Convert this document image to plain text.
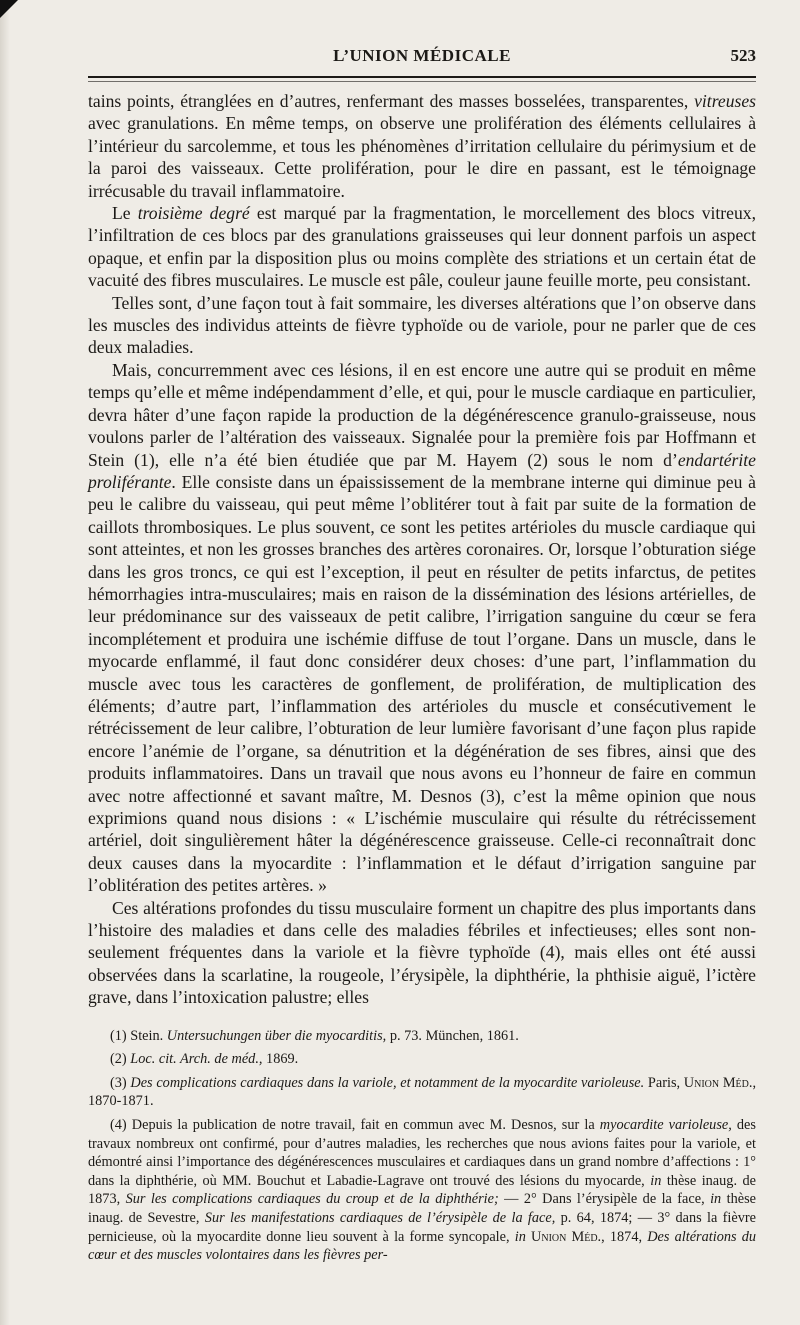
L’UNION MÉDICALE	523

tains points, étranglées en d’autres, renfermant des masses bosselées, transparentes, vitreuses avec granulations. En même temps, on observe une prolifération des éléments cellulaires à l’intérieur du sarcolemme, et tous les phénomènes d’irritation cellulaire du périmysium et de la paroi des vaisseaux. Cette prolifération, pour le dire en passant, est le témoignage irrécusable du travail inflammatoire.

Le troisième degré est marqué par la fragmentation, le morcellement des blocs vitreux, l’infiltration de ces blocs par des granulations graisseuses qui leur donnent parfois un aspect opaque, et enfin par la disposition plus ou moins complète des striations et un certain état de vacuité des fibres musculaires. Le muscle est pâle, couleur jaune feuille morte, peu consistant.

Telles sont, d’une façon tout à fait sommaire, les diverses altérations que l’on observe dans les muscles des individus atteints de fièvre typhoïde ou de variole, pour ne parler que de ces deux maladies.

Mais, concurremment avec ces lésions, il en est encore une autre qui se produit en même temps qu’elle et même indépendamment d’elle, et qui, pour le muscle cardiaque en particulier, devra hâter d’une façon rapide la production de la dégénérescence granulo-graisseuse, nous voulons parler de l’altération des vaisseaux. Signalée pour la première fois par Hoffmann et Stein (1), elle n’a été bien étudiée que par M. Hayem (2) sous le nom d’endartérite proliférante. Elle consiste dans un épaississement de la membrane interne qui diminue peu à peu le calibre du vaisseau, qui peut même l’oblitérer tout à fait par suite de la formation de caillots thrombosiques. Le plus souvent, ce sont les petites artérioles du muscle cardiaque qui sont atteintes, et non les grosses branches des artères coronaires. Or, lorsque l’obturation siége dans les gros troncs, ce qui est l’exception, il peut en résulter de petits infarctus, de petites hémorrhagies intra-musculaires; mais en raison de la dissémination des lésions artérielles, de leur prédominance sur des vaisseaux de petit calibre, l’irrigation sanguine du cœur se fera incomplétement et produira une ischémie diffuse de tout l’organe. Dans un muscle, dans le myocarde enflammé, il faut donc considérer deux choses: d’une part, l’inflammation du muscle avec tous les caractères de gonflement, de prolifération, de multiplication des éléments; d’autre part, l’inflammation des artérioles du muscle et consécutivement le rétrécissement de leur calibre, l’obturation de leur lumière favorisant d’une façon plus rapide encore l’anémie de l’organe, sa dénutrition et la dégénération de ses fibres, ainsi que des produits inflammatoires. Dans un travail que nous avons eu l’honneur de faire en commun avec notre affectionné et savant maître, M. Desnos (3), c’est la même opinion que nous exprimions quand nous disions : « L’ischémie musculaire qui résulte du rétrécissement artériel, doit singulièrement hâter la dégénérescence graisseuse. Celle-ci reconnaîtrait donc deux causes dans la myocardite : l’inflammation et le défaut d’irrigation sanguine par l’oblitération des petites artères. »

Ces altérations profondes du tissu musculaire forment un chapitre des plus importants dans l’histoire des maladies et dans celle des maladies fébriles et infectieuses; elles sont non-seulement fréquentes dans la variole et la fièvre typhoïde (4), mais elles ont été aussi observées dans la scarlatine, la rougeole, l’érysipèle, la diphthérie, la phthisie aiguë, l’ictère grave, dans l’intoxication palustre; elles

(1) Stein. Untersuchungen über die myocarditis, p. 73. München, 1861.

(2) Loc. cit. Arch. de méd., 1869.

(3) Des complications cardiaques dans la variole, et notamment de la myocardite varioleuse. Paris, Union Méd., 1870-1871.

(4) Depuis la publication de notre travail, fait en commun avec M. Desnos, sur la myocardite varioleuse, des travaux nombreux ont confirmé, pour d’autres maladies, les recherches que nous avions faites pour la variole, et démontré ainsi l’importance des dégénérescences musculaires et cardiaques dans un grand nombre d’affections : 1° dans la diphthérie, où MM. Bouchut et Labadie-Lagrave ont trouvé des lésions du myocarde, in thèse inaug. de 1873, Sur les complications cardiaques du croup et de la diphthérie; — 2° Dans l’érysipèle de la face, in thèse inaug. de Sevestre, Sur les manifestations cardiaques de l’érysipèle de la face, p. 64, 1874; — 3° dans la fièvre pernicieuse, où la myocardite donne lieu souvent à la forme syncopale, in Union Méd., 1874, Des altérations du cœur et des muscles volontaires dans les fièvres per-
